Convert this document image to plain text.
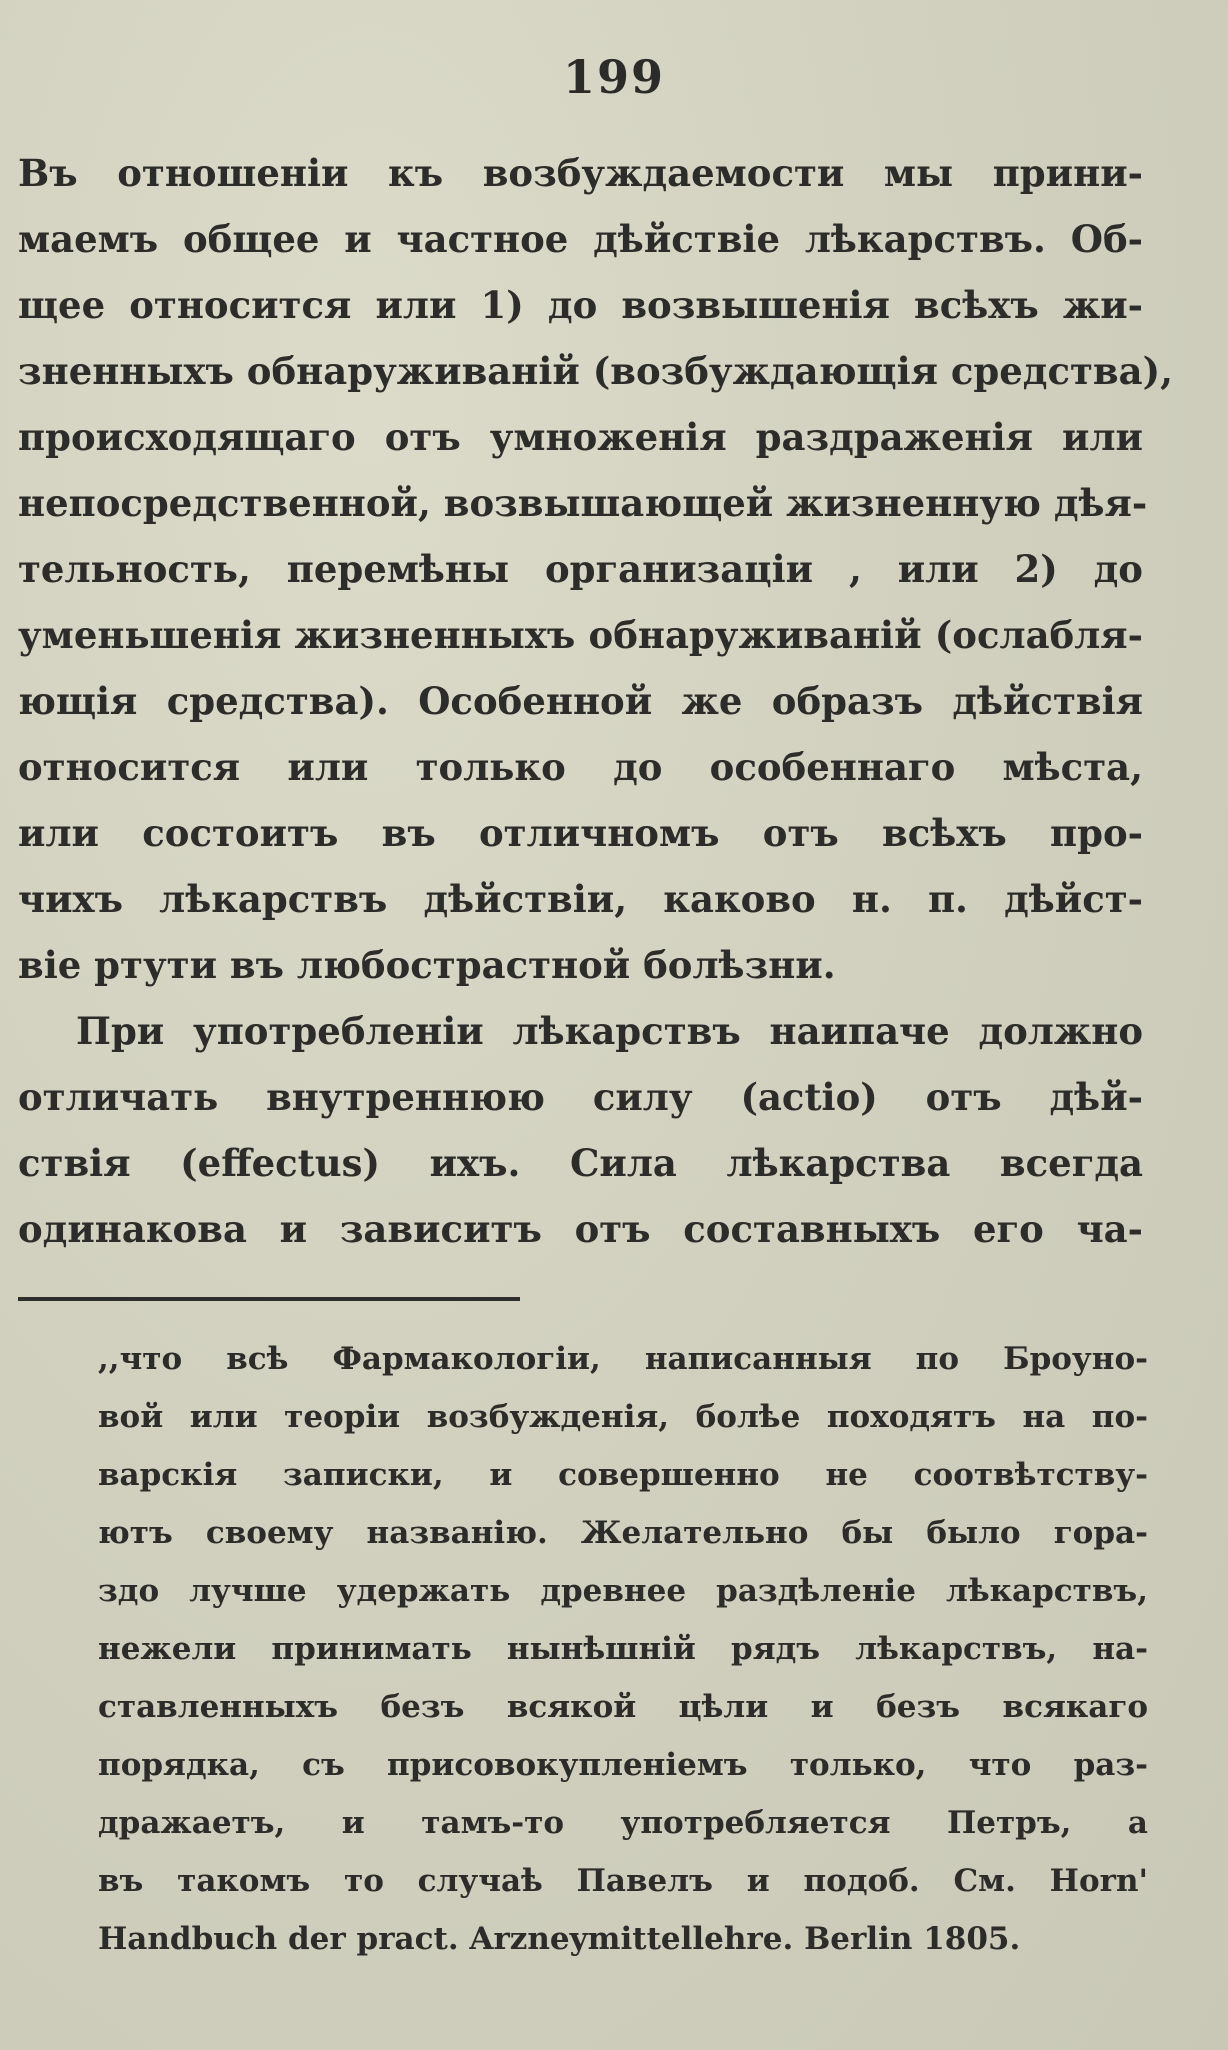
199
Въ отношенiи къ возбуждаемости мы прини-
маемъ общее и частное дѣйствiе лѣкарствъ. Об-
щее относится или 1) до возвышенiя всѣхъ жи-
зненныхъ обнаруживанiй (возбуждающiя средства),
происходящаго отъ умноженiя раздраженiя или
непосредственной, возвышающей жизненную дѣя-
тельность, перемѣны организацiи , или 2) до
уменьшенiя жизненныхъ обнаруживанiй (ослабля-
ющiя средства). Особенной же образъ дѣйствiя
относится или только до особеннаго мѣста,
или состоитъ въ отличномъ отъ всѣхъ про-
чихъ лѣкарствъ дѣйствiи, каково н. п. дѣйст-
вiе ртути въ любострастной болѣзни.
При употребленiи лѣкарствъ наипаче должно
отличать внутреннюю силу (actio) отъ дѣй-
ствiя (effectus) ихъ. Сила лѣкарства всегда
одинакова и зависитъ отъ составныхъ его ча-
,,что всѣ Фармакологiи, написанныя по Броуно-
вой или теорiи возбужденiя, болѣе походятъ на по-
варскiя записки, и совершенно не соотвѣтству-
ютъ своему названiю. Желательно бы было гора-
здо лучше удержать древнее раздѣленiе лѣкарствъ,
нежели принимать нынѣшнiй рядъ лѣкарствъ, на-
ставленныхъ безъ всякой цѣли и безъ всякаго
порядка, съ присовокупленiемъ только, что раз-
дражаетъ, и тамъ-то употребляется Петръ, а
въ такомъ то случаѣ Павелъ и подоб. См. Horn'
Handbuch der pract. Arzneymittellehre. Berlin 1805.
